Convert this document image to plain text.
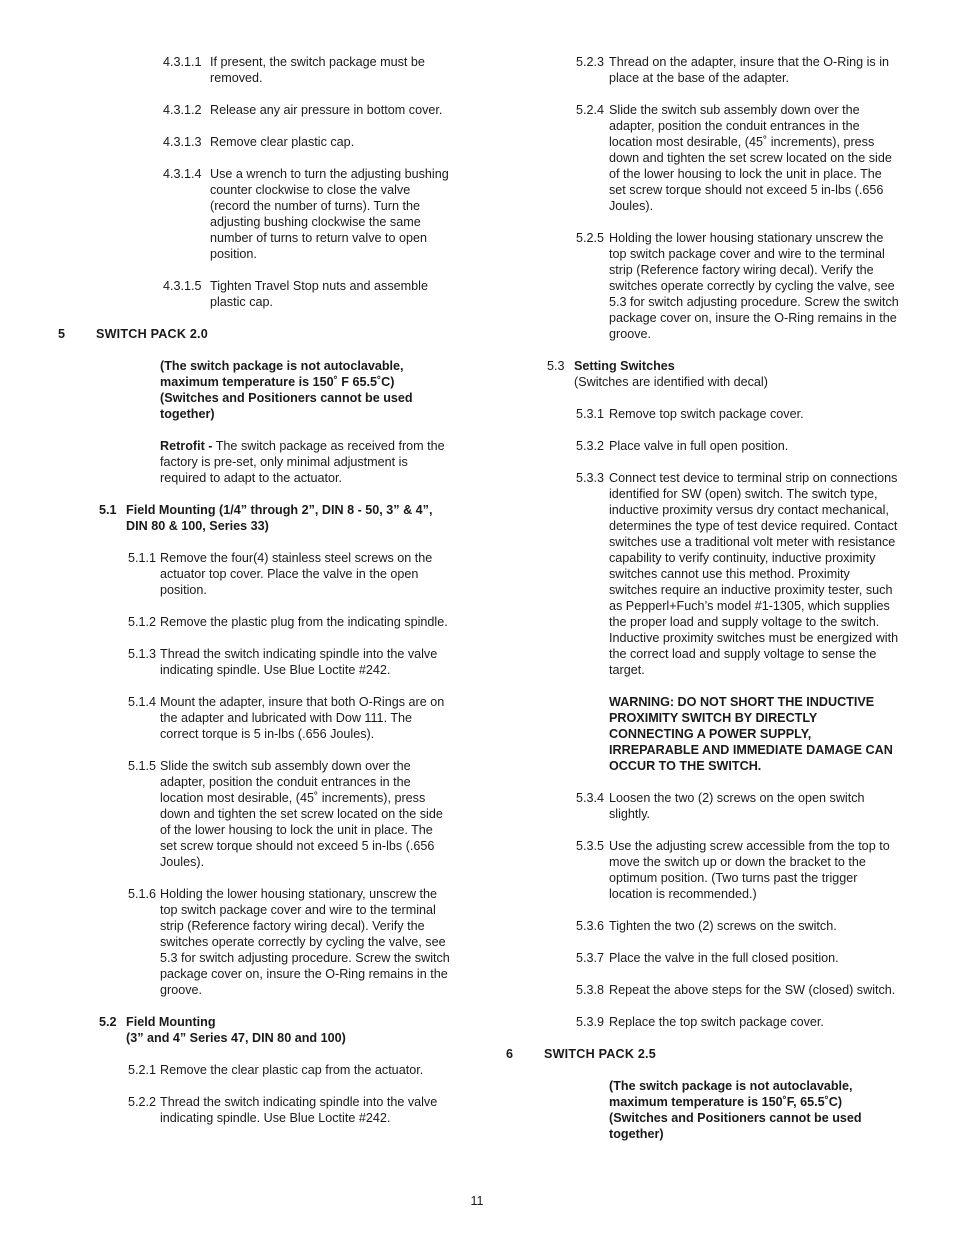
4.3.1.1 If present, the switch package must be removed.
4.3.1.2 Release any air pressure in bottom cover.
4.3.1.3 Remove clear plastic cap.
4.3.1.4 Use a wrench to turn the adjusting bushing counter clockwise to close the valve (record the number of turns). Turn the adjusting bushing clockwise the same number of turns to return valve to open position.
4.3.1.5 Tighten Travel Stop nuts and assemble plastic cap.
5	SWITCH PACK 2.0
(The switch package is not autoclavable, maximum temperature is 150˚ F 65.5˚C) (Switches and Positioners cannot be used together)
Retrofit - The switch package as received from the factory is pre-set, only minimal adjustment is required to adapt to the actuator.
5.1 Field Mounting (1/4” through 2”, DIN 8 - 50, 3” & 4”, DIN 80 & 100, Series 33)
5.1.1 Remove the four(4) stainless steel screws on the actuator top cover. Place the valve in the open position.
5.1.2 Remove the plastic plug from the indicating spindle.
5.1.3 Thread the switch indicating spindle into the valve indicating spindle. Use Blue Loctite #242.
5.1.4 Mount the adapter, insure that both O-Rings are on the adapter and lubricated with Dow 111. The correct torque is 5 in-lbs (.656 Joules).
5.1.5 Slide the switch sub assembly down over the adapter, position the conduit entrances in the location most desirable, (45˚ increments), press down and tighten the set screw located on the side of the lower housing to lock the unit in place. The set screw torque should not exceed 5 in-lbs (.656 Joules).
5.1.6 Holding the lower housing stationary, unscrew the top switch package cover and wire to the terminal strip (Reference factory wiring decal). Verify the switches operate correctly by cycling the valve, see 5.3 for switch adjusting procedure. Screw the switch package cover on, insure the O-Ring remains in the groove.
5.2 Field Mounting
(3” and 4” Series 47, DIN 80 and 100)
5.2.1 Remove the clear plastic cap from the actuator.
5.2.2 Thread the switch indicating spindle into the valve indicating spindle. Use Blue Loctite #242.
5.2.3 Thread on the adapter, insure that the O-Ring is in place at the base of the adapter.
5.2.4 Slide the switch sub assembly down over the adapter, position the conduit entrances in the location most desirable, (45˚ increments), press down and tighten the set screw located on the side of the lower housing to lock the unit in place. The set screw torque should not exceed 5 in-lbs (.656 Joules).
5.2.5 Holding the lower housing stationary unscrew the top switch package cover and wire to the terminal strip (Reference factory wiring decal). Verify the switches operate correctly by cycling the valve, see 5.3 for switch adjusting procedure. Screw the switch package cover on, insure the O-Ring remains in the groove.
5.3 Setting Switches
(Switches are identified with decal)
5.3.1 Remove top switch package cover.
5.3.2 Place valve in full open position.
5.3.3 Connect test device to terminal strip on connections identified for SW (open) switch. The switch type, inductive proximity versus dry contact mechanical, determines the type of test device required. Contact switches use a traditional volt meter with resistance capability to verify continuity, inductive proximity switches cannot use this method. Proximity switches require an inductive proximity tester, such as Pepperl+Fuch’s model #1-1305, which supplies the proper load and supply voltage to the switch. Inductive proximity switches must be energized with the correct load and supply voltage to sense the target.
WARNING: DO NOT SHORT THE INDUCTIVE PROXIMITY SWITCH BY DIRECTLY CONNECTING A POWER SUPPLY, IRREPARABLE AND IMMEDIATE DAMAGE CAN OCCUR TO THE SWITCH.
5.3.4 Loosen the two (2) screws on the open switch slightly.
5.3.5 Use the adjusting screw accessible from the top to move the switch up or down the bracket to the optimum position. (Two turns past the trigger location is recommended.)
5.3.6 Tighten the two (2) screws on the switch.
5.3.7 Place the valve in the full closed position.
5.3.8 Repeat the above steps for the SW (closed) switch.
5.3.9 Replace the top switch package cover.
6	SWITCH PACK 2.5
(The switch package is not autoclavable, maximum temperature is 150˚F, 65.5˚C) (Switches and Positioners cannot be used together)
11
